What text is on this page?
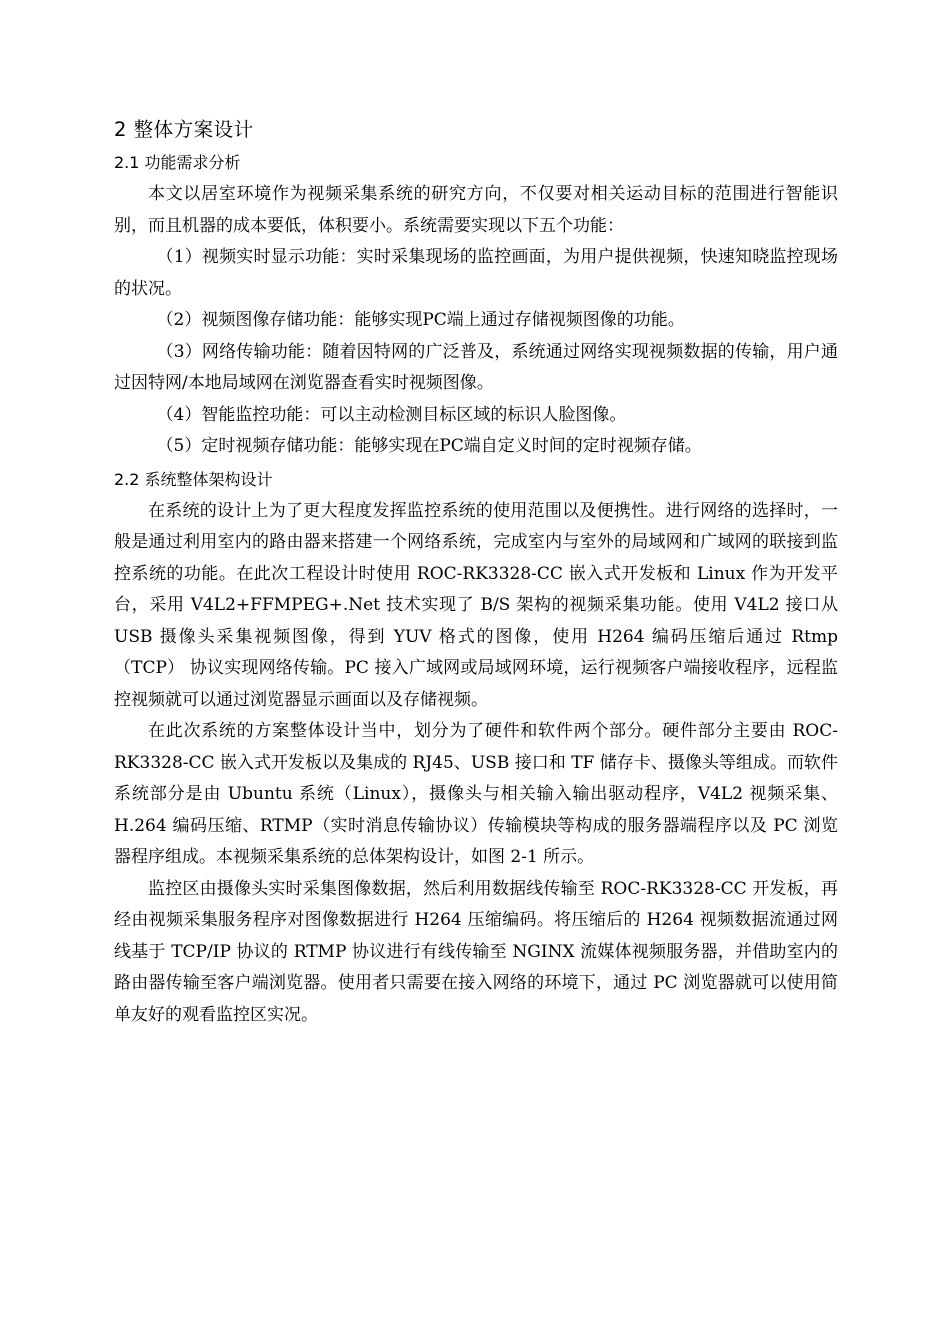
2 整体方案设计
2.1 功能需求分析

本文以居室环境作为视频采集系统的研究方向，不仅要对相关运动目标的范围进行智能识别，而且机器的成本要低，体积要小。系统需要实现以下五个功能：

（1）视频实时显示功能：实时采集现场的监控画面，为用户提供视频，快速知晓监控现场的状况。

（2）视频图像存储功能：能够实现PC端上通过存储视频图像的功能。

（3）网络传输功能：随着因特网的广泛普及，系统通过网络实现视频数据的传输，用户通过因特网/本地局域网在浏览器查看实时视频图像。

（4）智能监控功能：可以主动检测目标区域的标识人脸图像。

（5）定时视频存储功能：能够实现在PC端自定义时间的定时视频存储。

2.2 系统整体架构设计

在系统的设计上为了更大程度发挥监控系统的使用范围以及便携性。进行网络的选择时，一般是通过利用室内的路由器来搭建一个网络系统，完成室内与室外的局域网和广域网的联接到监控系统的功能。在此次工程设计时使用 ROC-RK3328-CC 嵌入式开发板和 Linux 作为开发平台，采用 V4L2+FFMPEG+.Net 技术实现了 B/S 架构的视频采集功能。使用 V4L2 接口从 USB 摄像头采集视频图像，得到 YUV 格式的图像，使用 H264 编码压缩后通过 Rtmp（TCP） 协议实现网络传输。PC 接入广域网或局域网环境，运行视频客户端接收程序，远程监控视频就可以通过浏览器显示画面以及存储视频。

在此次系统的方案整体设计当中，划分为了硬件和软件两个部分。硬件部分主要由 ROC-RK3328-CC 嵌入式开发板以及集成的 RJ45、USB 接口和 TF 储存卡、摄像头等组成。而软件系统部分是由 Ubuntu 系统（Linux），摄像头与相关输入输出驱动程序，V4L2 视频采集、H.264 编码压缩、RTMP（实时消息传输协议）传输模块等构成的服务器端程序以及 PC 浏览器程序组成。本视频采集系统的总体架构设计，如图 2-1 所示。

监控区由摄像头实时采集图像数据，然后利用数据线传输至 ROC-RK3328-CC 开发板，再经由视频采集服务程序对图像数据进行 H264 压缩编码。将压缩后的 H264 视频数据流通过网线基于 TCP/IP 协议的 RTMP 协议进行有线传输至 NGINX 流媒体视频服务器，并借助室内的路由器传输至客户端浏览器。使用者只需要在接入网络的环境下，通过 PC 浏览器就可以使用简单友好的观看监控区实况。
